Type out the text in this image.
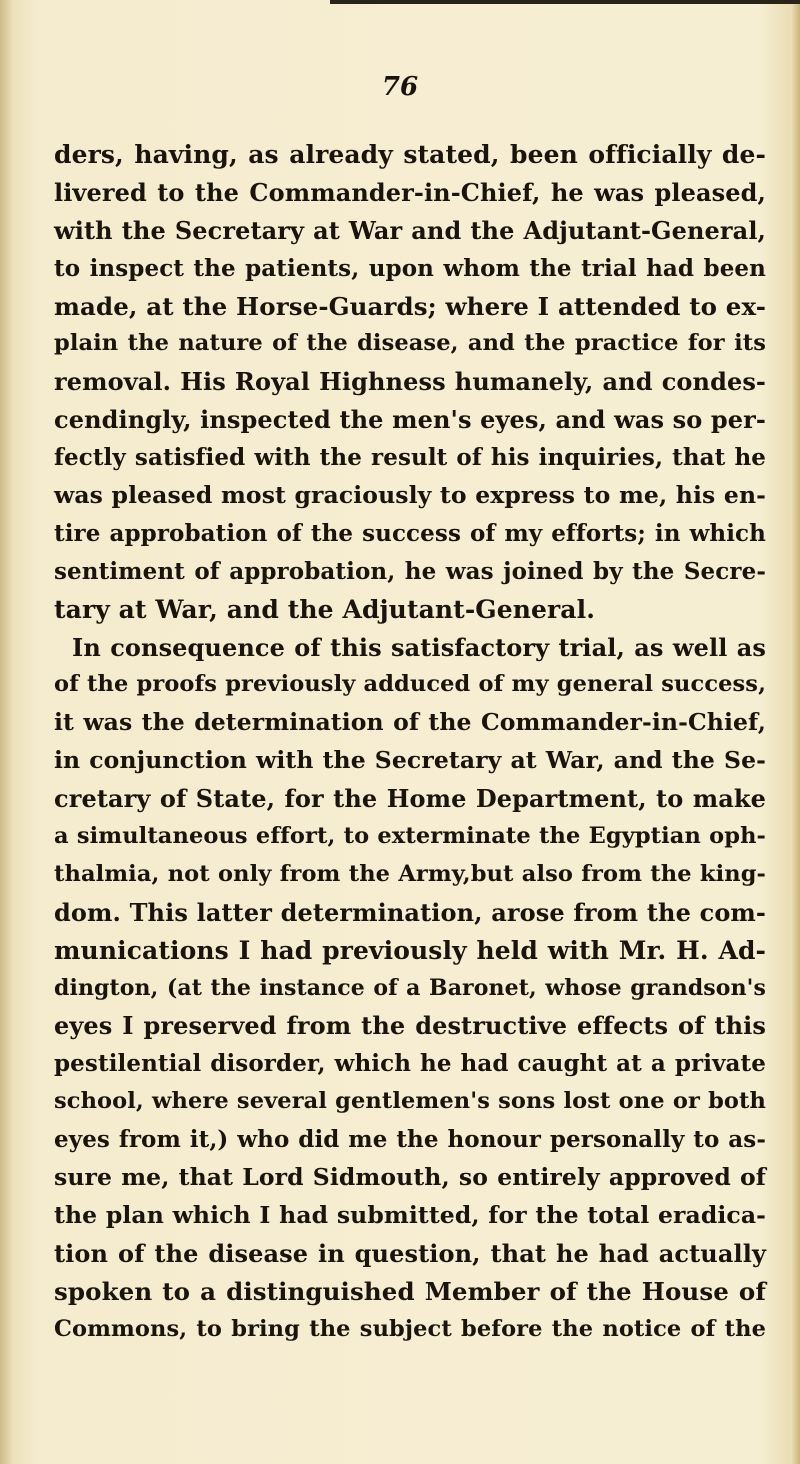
76
ders, having, as already stated, been officially de-
livered to the Commander-in-Chief, he was pleased,
with the Secretary at War and the Adjutant-General,
to inspect the patients, upon whom the trial had been
made, at the Horse-Guards; where I attended to ex-
plain the nature of the disease, and the practice for its
removal. His Royal Highness humanely, and condes-
cendingly, inspected the men's eyes, and was so per-
fectly satisfied with the result of his inquiries, that he
was pleased most graciously to express to me, his en-
tire approbation of the success of my efforts; in which
sentiment of approbation, he was joined by the Secre-
tary at War, and the Adjutant-General.
In consequence of this satisfactory trial, as well as
of the proofs previously adduced of my general success,
it was the determination of the Commander-in-Chief,
in conjunction with the Secretary at War, and the Se-
cretary of State, for the Home Department, to make
a simultaneous effort, to exterminate the Egyptian oph-
thalmia, not only from the Army,but also from the king-
dom. This latter determination, arose from the com-
munications I had previously held with Mr. H. Ad-
dington, (at the instance of a Baronet, whose grandson's
eyes I preserved from the destructive effects of this
pestilential disorder, which he had caught at a private
school, where several gentlemen's sons lost one or both
eyes from it,) who did me the honour personally to as-
sure me, that Lord Sidmouth, so entirely approved of
the plan which I had submitted, for the total eradica-
tion of the disease in question, that he had actually
spoken to a distinguished Member of the House of
Commons, to bring the subject before the notice of the
